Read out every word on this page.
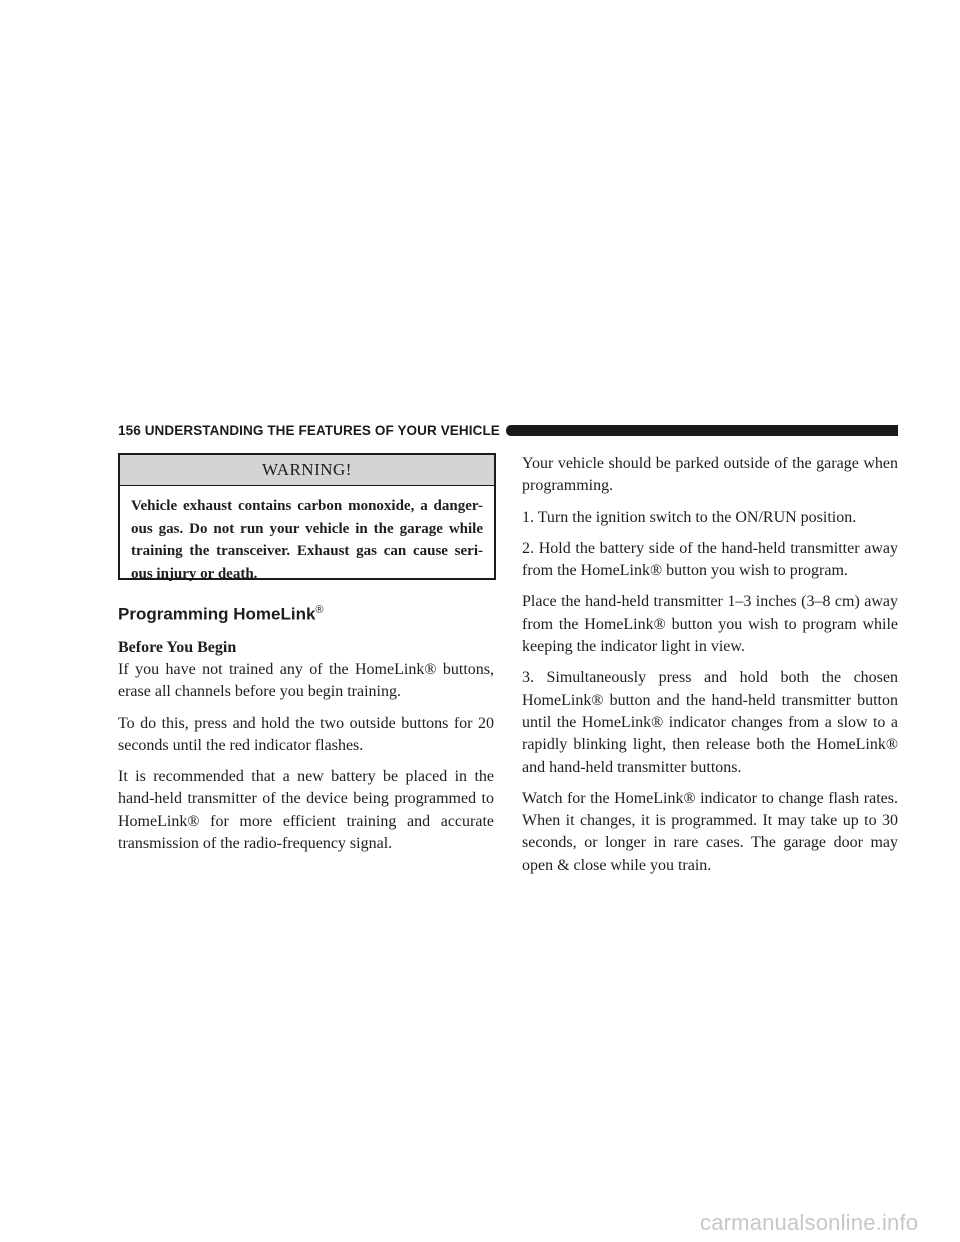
156 UNDERSTANDING THE FEATURES OF YOUR VEHICLE
WARNING!
Vehicle exhaust contains carbon monoxide, a danger-ous gas. Do not run your vehicle in the garage while training the transceiver. Exhaust gas can cause seri-ous injury or death.
Programming HomeLink®

Before You Begin

If you have not trained any of the HomeLink® buttons, erase all channels before you begin training.

To do this, press and hold the two outside buttons for 20 seconds until the red indicator flashes.

It is recommended that a new battery be placed in the hand-held transmitter of the device being programmed to HomeLink® for more efficient training and accurate transmission of the radio-frequency signal.

Your vehicle should be parked outside of the garage when programming.

1. Turn the ignition switch to the ON/RUN position.

2. Hold the battery side of the hand-held transmitter away from the HomeLink® button you wish to program.

Place the hand-held transmitter 1–3 inches (3–8 cm) away from the HomeLink® button you wish to program while keeping the indicator light in view.

3. Simultaneously press and hold both the chosen HomeLink® button and the hand-held transmitter button until the HomeLink® indicator changes from a slow to a rapidly blinking light, then release both the HomeLink® and hand-held transmitter buttons.

Watch for the HomeLink® indicator to change flash rates. When it changes, it is programmed. It may take up to 30 seconds, or longer in rare cases. The garage door may open & close while you train.

carmanualsonline.info
